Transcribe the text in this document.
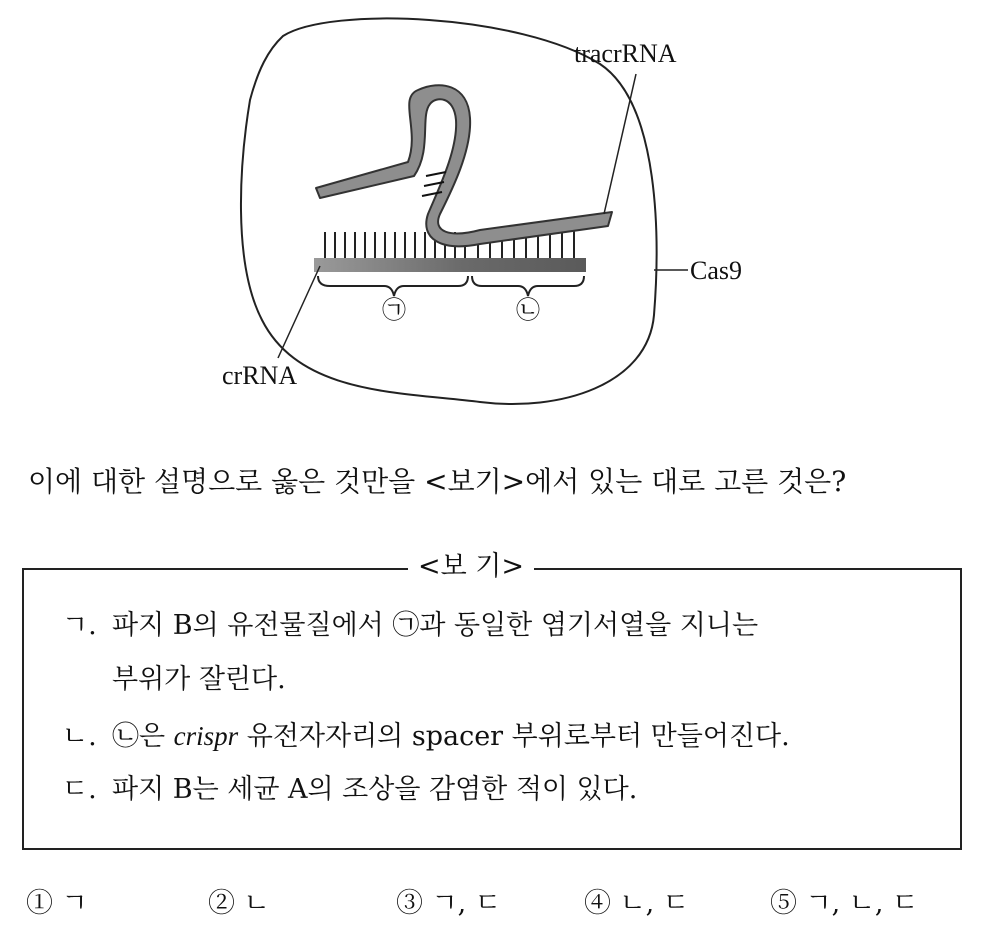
㉠	㉡
tracrRNA
Cas9
crRNA
이에 대한 설명으로 옳은 것만을 <보기>에서 있는 대로 고른 것은?
<보 기>
ㄱ. 파지 B의 유전물질에서 ㉠과 동일한 염기서열을 지니는
부위가 잘린다.
ㄴ. ㉡은 crispr 유전자자리의 spacer 부위로부터 만들어진다.
ㄷ. 파지 B는 세균 A의 조상을 감염한 적이 있다.
① ㄱ	② ㄴ	③ ㄱ, ㄷ	④ ㄴ, ㄷ	⑤ ㄱ, ㄴ, ㄷ
